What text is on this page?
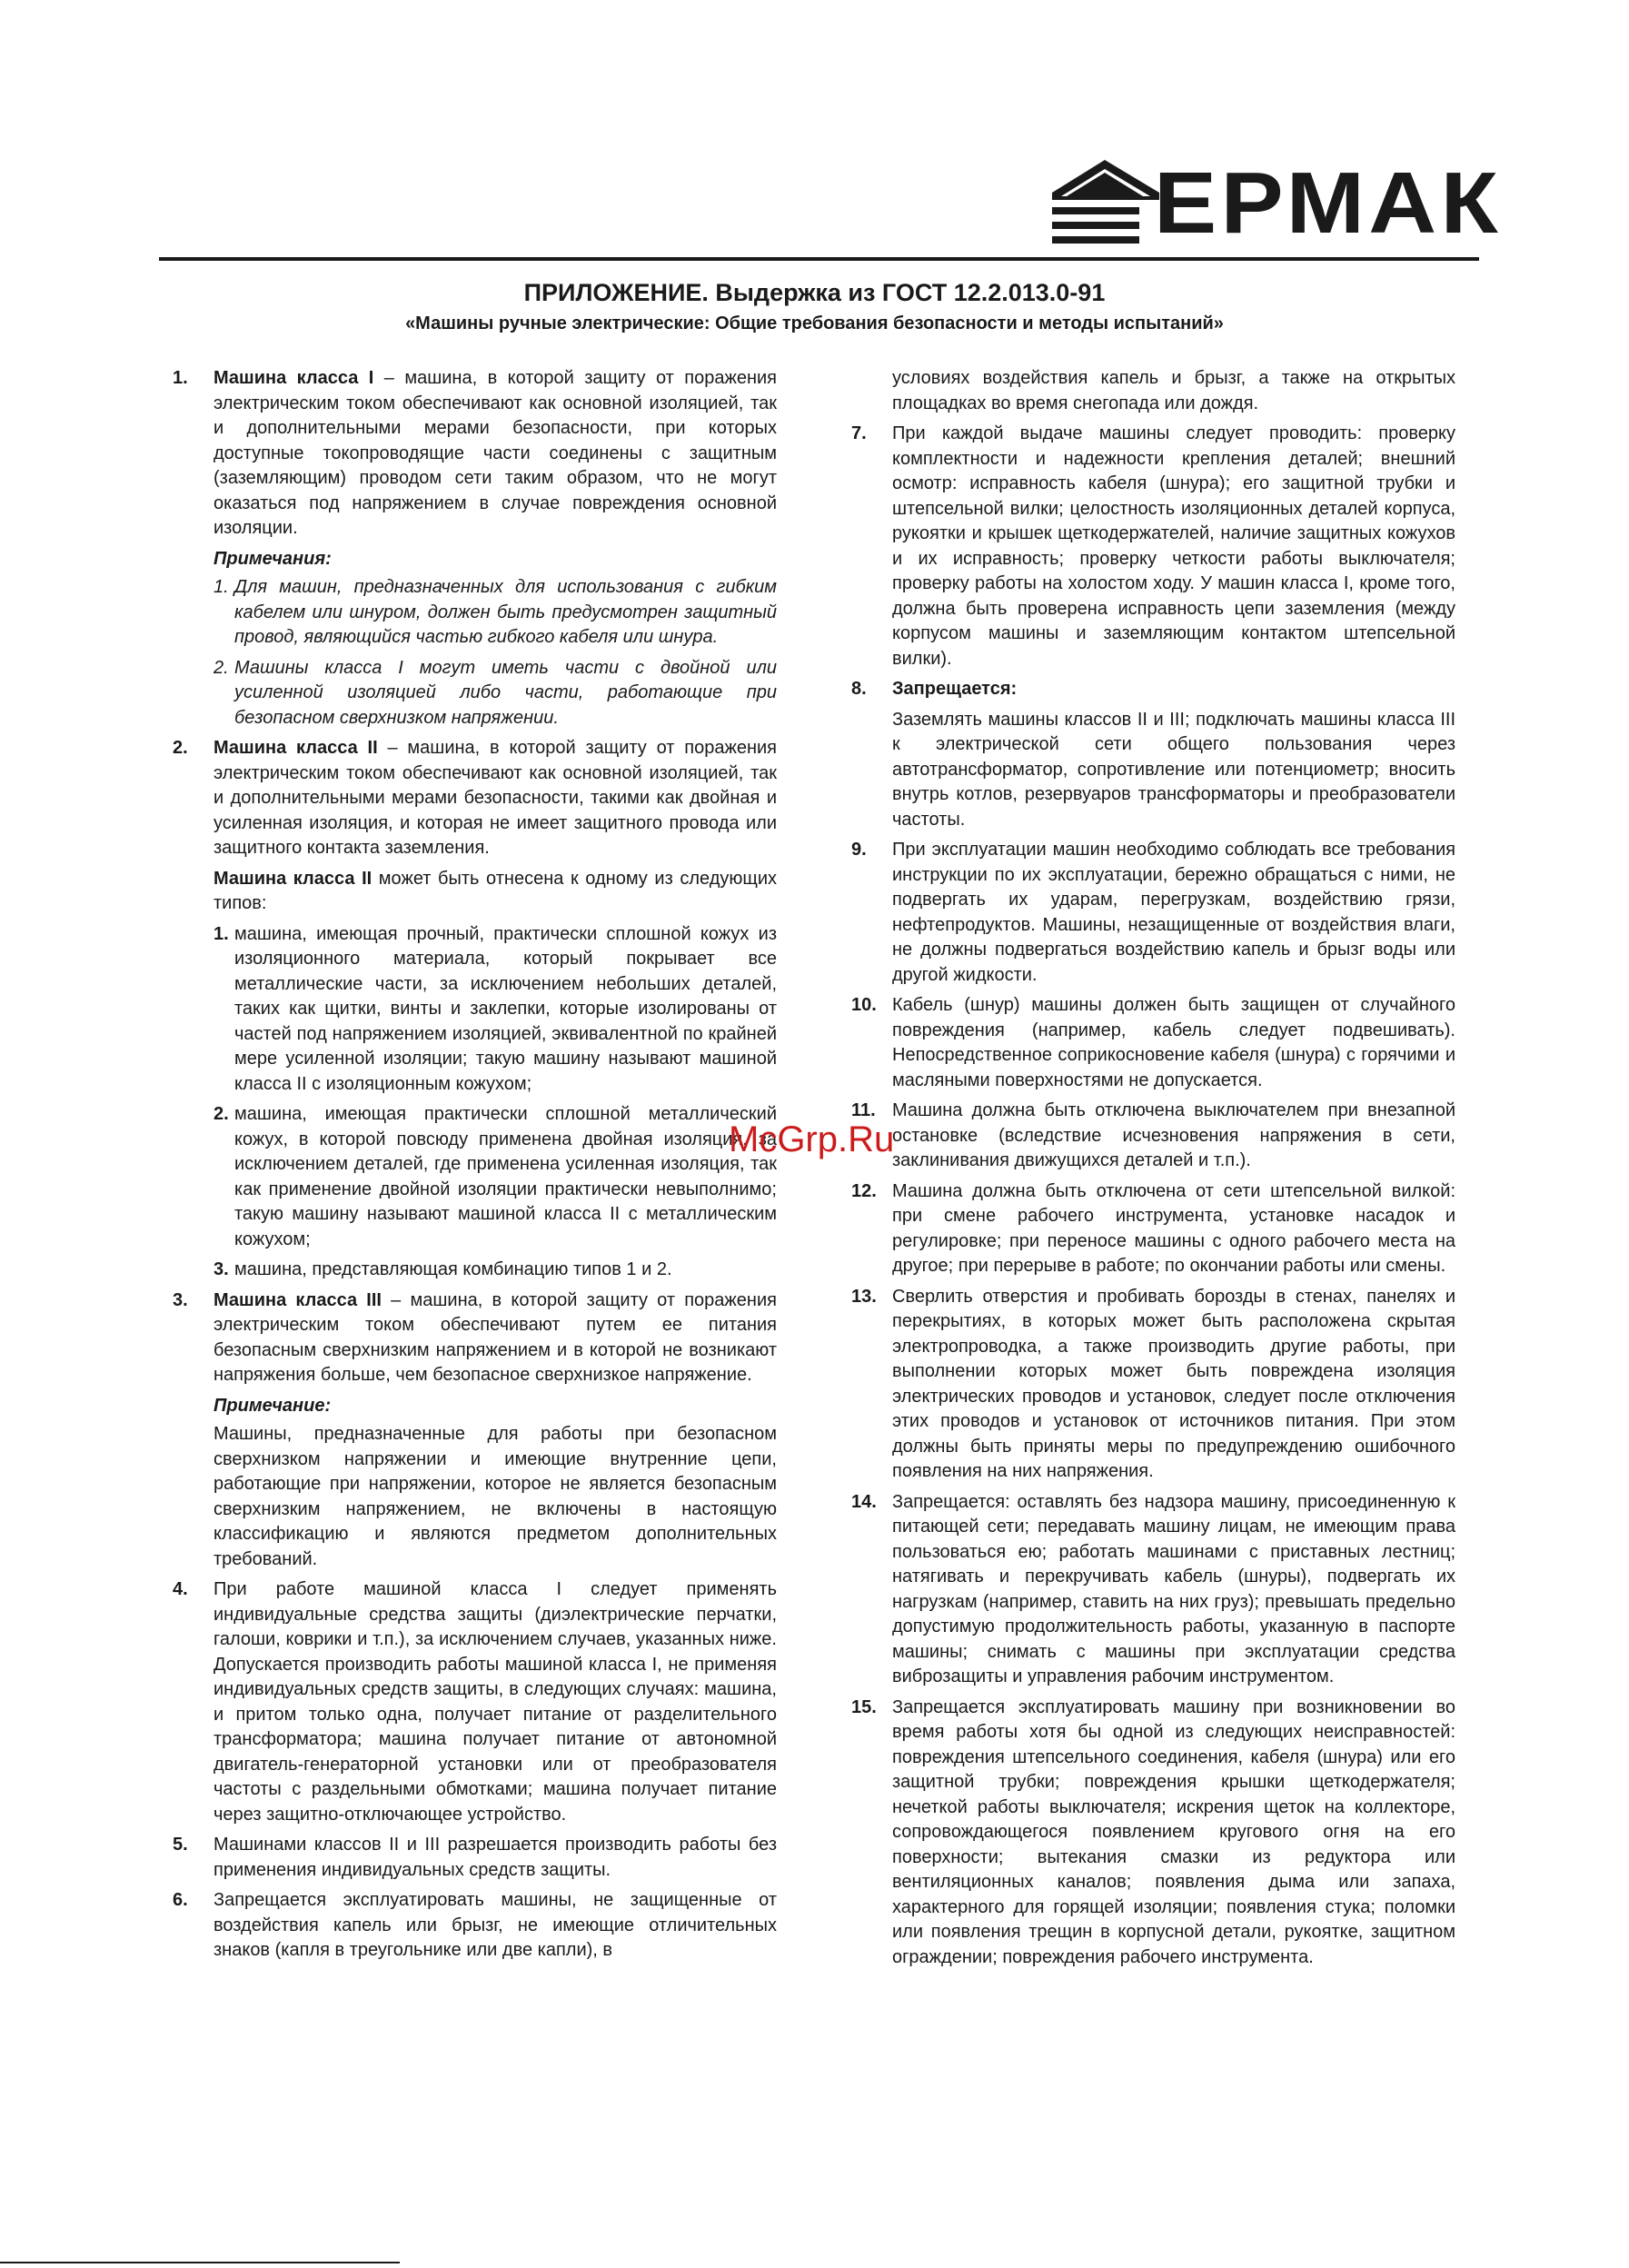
ЕРМАК
ПРИЛОЖЕНИЕ. Выдержка из ГОСТ 12.2.013.0-91
«Машины ручные электрические: Общие требования безопасности и методы испытаний»
1. Машина класса I – машина, в которой защиту от поражения электрическим током обеспечивают как основной изоляцией, так и дополнительными мерами безопасности, при которых доступные токопроводящие части соединены с защитным (заземляющим) проводом сети таким образом, что не могут оказаться под напряжением в случае повреждения основной изоляции.

Примечания:
1. Для машин, предназначенных для использования с гибким кабелем или шнуром, должен быть предусмотрен защитный провод, являющийся частью гибкого кабеля или шнура.
2. Машины класса I могут иметь части с двойной или усиленной изоляцией либо части, работающие при безопасном сверхнизком напряжении.
2. Машина класса II – машина, в которой защиту от поражения электрическим током обеспечивают как основной изоляцией, так и дополнительными мерами безопасности, такими как двойная и усиленная изоляция, и которая не имеет защитного провода или защитного контакта заземления.

Машина класса II может быть отнесена к одному из следующих типов:

1. машина, имеющая прочный, практически сплошной кожух из изоляционного материала, который покрывает все металлические части, за исключением небольших деталей, таких как щитки, винты и заклепки, которые изолированы от частей под напряжением изоляцией, эквивалентной по крайней мере усиленной изоляции; такую машину называют машиной класса II с изоляционным кожухом;
2. машина, имеющая практически сплошной металлический кожух, в которой повсюду применена двойная изоляция, за исключением деталей, где применена усиленная изоляция, так как применение двойной изоляции практически невыполнимо; такую машину называют машиной класса II с металлическим кожухом;
3. машина, представляющая комбинацию типов 1 и 2.
3. Машина класса III – машина, в которой защиту от поражения электрическим током обеспечивают путем ее питания безопасным сверхнизким напряжением и в которой не возникают напряжения больше, чем безопасное сверхнизкое напряжение.

Примечание:

Машины, предназначенные для работы при безопасном сверхнизком напряжении и имеющие внутренние цепи, работающие при напряжении, которое не является безопасным сверхнизким напряжением, не включены в настоящую классификацию и являются предметом дополнительных требований.

4. При работе машиной класса I следует применять индивидуальные средства защиты (диэлектрические перчатки, галоши, коврики и т.п.), за исключением случаев, указанных ниже. Допускается производить работы машиной класса I, не применяя индивидуальных средств защиты, в следующих случаях: машина, и притом только одна, получает питание от разделительного трансформатора; машина получает питание от автономной двигатель-генераторной установки или от преобразователя частоты с раздельными обмотками; машина получает питание через защитно-отключающее устройство.

5. Машинами классов II и III разрешается производить работы без применения индивидуальных средств защиты.

6. Запрещается эксплуатировать машины, не защищенные от воздействия капель или брызг, не имеющие отличительных знаков (капля в треугольнике или две капли), в

условиях воздействия капель и брызг, а также на открытых площадках во время снегопада или дождя.

7. При каждой выдаче машины следует проводить: проверку комплектности и надежности крепления деталей; внешний осмотр: исправность кабеля (шнура); его защитной трубки и штепсельной вилки; целостность изоляционных деталей корпуса, рукоятки и крышек щеткодержателей, наличие защитных кожухов и их исправность; проверку четкости работы выключателя; проверку работы на холостом ходу. У машин класса I, кроме того, должна быть проверена исправность цепи заземления (между корпусом машины и заземляющим контактом штепсельной вилки).

8. Запрещается:

Заземлять машины классов II и III; подключать машины класса III к электрической сети общего пользования через автотрансформатор, сопротивление или потенциометр; вносить внутрь котлов, резервуаров трансформаторы и преобразователи частоты.

9. При эксплуатации машин необходимо соблюдать все требования инструкции по их эксплуатации, бережно обращаться с ними, не подвергать их ударам, перегрузкам, воздействию грязи, нефтепродуктов. Машины, незащищенные от воздействия влаги, не должны подвергаться воздействию капель и брызг воды или другой жидкости.

10. Кабель (шнур) машины должен быть защищен от случайного повреждения (например, кабель следует подвешивать). Непосредственное соприкосновение кабеля (шнура) с горячими и масляными поверхностями не допускается.

11. Машина должна быть отключена выключателем при внезапной остановке (вследствие исчезновения напряжения в сети, заклинивания движущихся деталей и т.п.).

12. Машина должна быть отключена от сети штепсельной вилкой: при смене рабочего инструмента, установке насадок и регулировке; при переносе машины с одного рабочего места на другое; при перерыве в работе; по окончании работы или смены.

13. Сверлить отверстия и пробивать борозды в стенах, панелях и перекрытиях, в которых может быть расположена скрытая электропроводка, а также производить другие работы, при выполнении которых может быть повреждена изоляция электрических проводов и установок, следует после отключения этих проводов и установок от источников питания. При этом должны быть приняты меры по предупреждению ошибочного появления на них напряжения.

14. Запрещается: оставлять без надзора машину, присоединенную к питающей сети; передавать машину лицам, не имеющим права пользоваться ею; работать машинами с приставных лестниц; натягивать и перекручивать кабель (шнуры), подвергать их нагрузкам (например, ставить на них груз); превышать предельно допустимую продолжительность работы, указанную в паспорте машины; снимать с машины при эксплуатации средства виброзащиты и управления рабочим инструментом.

15. Запрещается эксплуатировать машину при возникновении во время работы хотя бы одной из следующих неисправностей: повреждения штепсельного соединения, кабеля (шнура) или его защитной трубки; повреждения крышки щеткодержателя; нечеткой работы выключателя; искрения щеток на коллекторе, сопровождающегося появлением кругового огня на его поверхности; вытекания смазки из редуктора или вентиляционных каналов; появления дыма или запаха, характерного для горящей изоляции; появления стука; поломки или появления трещин в корпусной детали, рукоятке, защитном ограждении; повреждения рабочего инструмента.

McGrp.Ru
